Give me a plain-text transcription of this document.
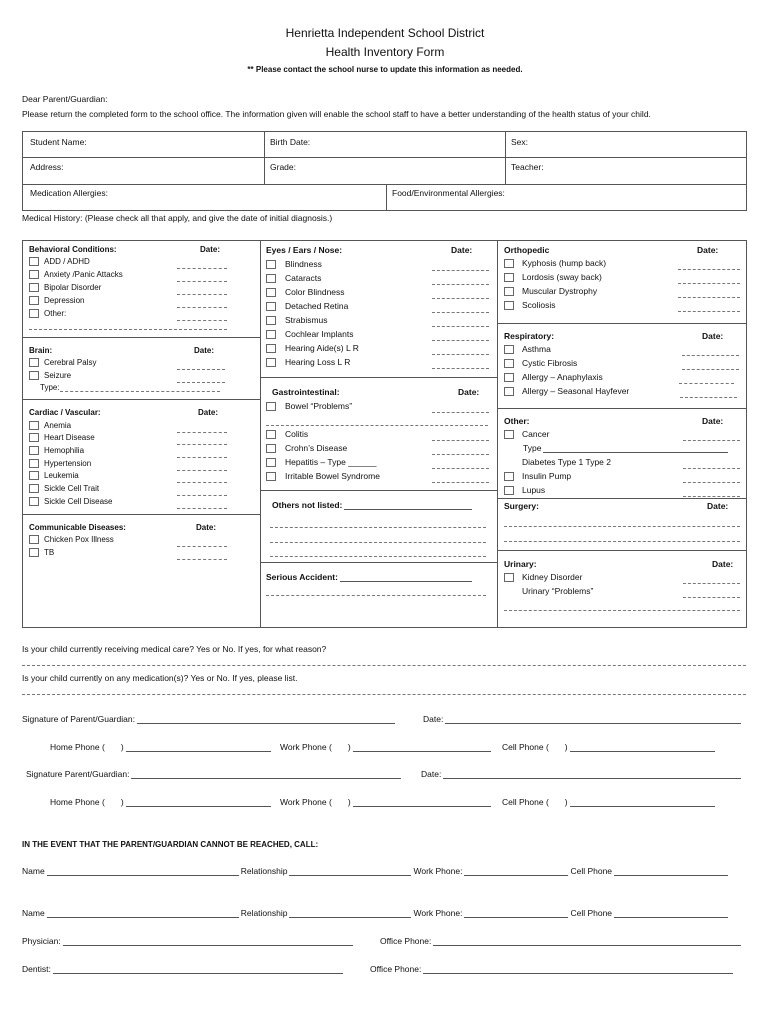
Henrietta Independent School District
Health Inventory Form
** Please contact the school nurse to update this information as needed.
Dear Parent/Guardian:
Please return the completed form to the school office. The information given will enable the school staff to have a better understanding of the health status of your child.
Student Name:	Birth Date:	Sex:
Address:	Grade:	Teacher:
Medication Allergies:	Food/Environmental Allergies:
Medical History: (Please check all that apply, and give the date of initial diagnosis.)
Behavioral Conditions:	Date:
ADD / ADHD
Anxiety /Panic Attacks
Bipolar Disorder
Depression
Other:
Brain:	Date:
Cerebral Palsy
Seizure
Type:
Cardiac / Vascular:	Date:
Anemia
Heart Disease
Hemophilia
Hypertension
Leukemia
Sickle Cell Trait
Sickle Cell Disease
Communicable Diseases:	Date:
Chicken Pox Illness
TB
Eyes / Ears / Nose:	Date:
Blindness
Cataracts
Color Blindness
Detached Retina
Strabismus
Cochlear Implants
Hearing Aide(s) L R
Hearing Loss L R
Gastrointestinal:	Date:
Bowel “Problems”
Colitis
Crohn’s Disease
Hepatitis – Type ______
Irritable Bowel Syndrome
Others not listed:
Serious Accident:
Orthopedic	Date:
Kyphosis (hump back)
Lordosis (sway back)
Muscular Dystrophy
Scoliosis
Respiratory:	Date:
Asthma
Cystic Fibrosis
Allergy – Anaphylaxis
Allergy – Seasonal Hayfever
Other:	Date:
Cancer
Type
Diabetes Type 1 Type 2
Insulin Pump
Lupus
Surgery:	Date:
Urinary:	Date:
Kidney Disorder
Urinary “Problems”
Is your child currently receiving medical care? Yes or No. If yes, for what reason?
Is your child currently on any medication(s)? Yes or No. If yes, please list.
Signature of Parent/Guardian:	Date:
Home Phone ( )	Work Phone ( )	Cell Phone ( )
Signature Parent/Guardian:	Date:
Home Phone ( )	Work Phone ( )	Cell Phone ( )
IN THE EVENT THAT THE PARENT/GUARDIAN CANNOT BE REACHED, CALL:
Name	Relationship	Work Phone:	Cell Phone
Name	Relationship	Work Phone:	Cell Phone
Physician:	Office Phone:
Dentist:	Office Phone:
